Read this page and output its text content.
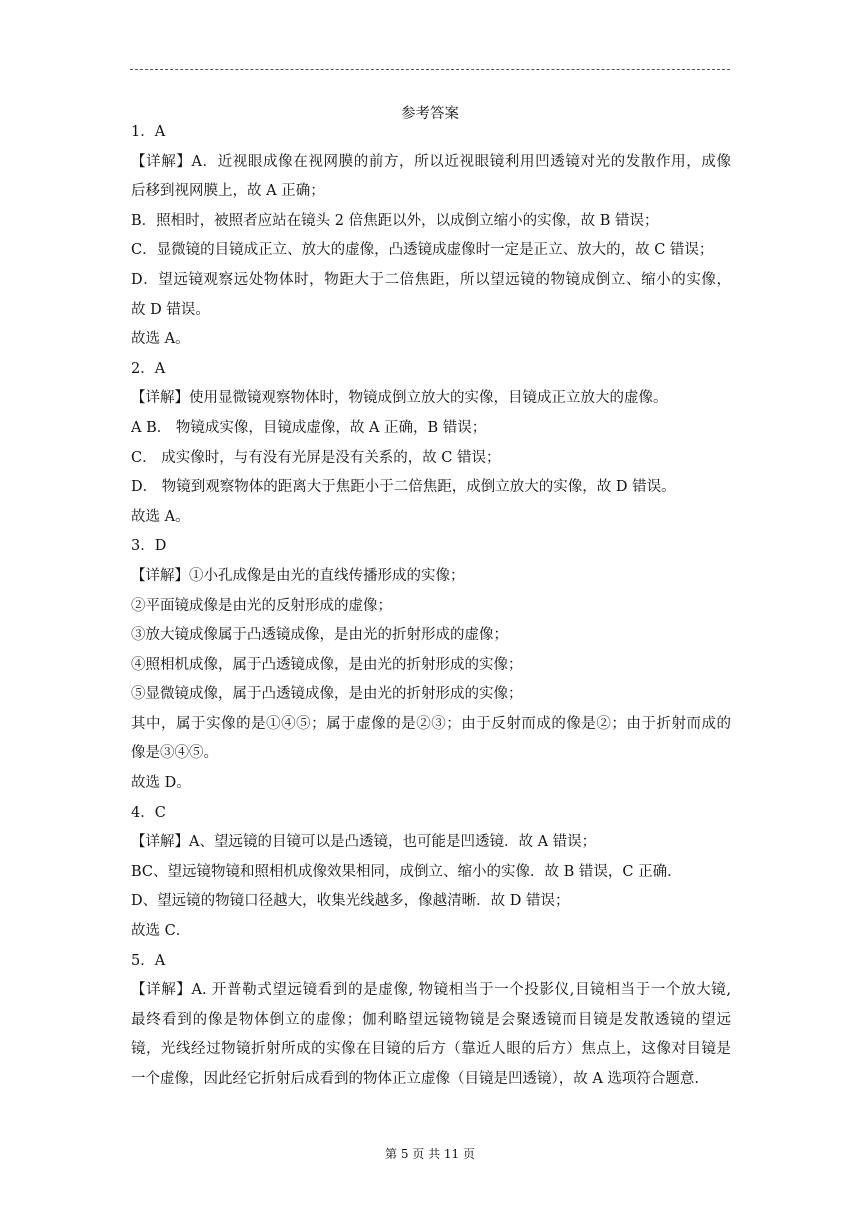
参考答案
1．A
【详解】A．近视眼成像在视网膜的前方，所以近视眼镜利用凹透镜对光的发散作用，成像
后移到视网膜上，故 A 正确；
B．照相时，被照者应站在镜头 2 倍焦距以外，以成倒立缩小的实像，故 B 错误；
C．显微镜的目镜成正立、放大的虚像，凸透镜成虚像时一定是正立、放大的，故 C 错误；
D．望远镜观察远处物体时，物距大于二倍焦距，所以望远镜的物镜成倒立、缩小的实像，
故 D 错误。
故选 A。
2．A
【详解】使用显微镜观察物体时，物镜成倒立放大的实像，目镜成正立放大的虚像。
A B． 物镜成实像，目镜成虚像，故 A 正确，B 错误；
C． 成实像时，与有没有光屏是没有关系的，故 C 错误；
D． 物镜到观察物体的距离大于焦距小于二倍焦距，成倒立放大的实像，故 D 错误。
故选 A。
3．D
【详解】①小孔成像是由光的直线传播形成的实像；
②平面镜成像是由光的反射形成的虚像；
③放大镜成像属于凸透镜成像，是由光的折射形成的虚像；
④照相机成像，属于凸透镜成像，是由光的折射形成的实像；
⑤显微镜成像，属于凸透镜成像，是由光的折射形成的实像；
其中，属于实像的是①④⑤；属于虚像的是②③；由于反射而成的像是②；由于折射而成的
像是③④⑤。
故选 D。
4．C
【详解】A、望远镜的目镜可以是凸透镜，也可能是凹透镜．故 A 错误；
BC、望远镜物镜和照相机成像效果相同，成倒立、缩小的实像．故 B 错误，C 正确．
D、望远镜的物镜口径越大，收集光线越多，像越清晰．故 D 错误；
故选 C．
5．A
【详解】A. 开普勒式望远镜看到的是虚像, 物镜相当于一个投影仪,目镜相当于一个放大镜,
最终看到的像是物体倒立的虚像；伽利略望远镜物镜是会聚透镜而目镜是发散透镜的望远
镜，光线经过物镜折射所成的实像在目镜的后方（靠近人眼的后方）焦点上，这像对目镜是
一个虚像，因此经它折射后成看到的物体正立虚像（目镜是凹透镜），故 A 选项符合题意.
第 5 页 共 11 页
